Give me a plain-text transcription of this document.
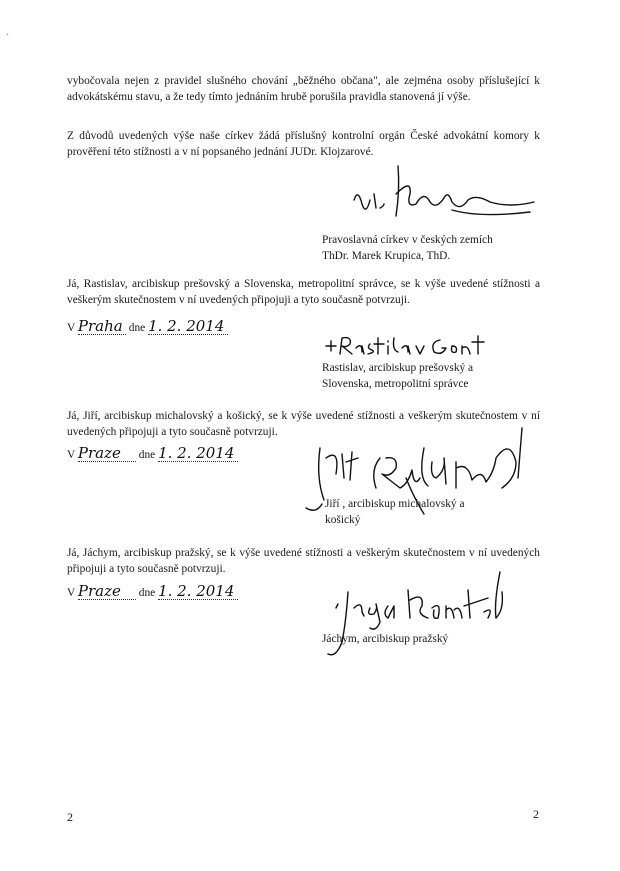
·
vybočovala nejen z pravidel slušného chování „běžného občana", ale zejména osoby příslušející k advokátskému stavu, a že tedy tímto jednáním hrubě porušila pravidla stanovená jí výše.
Z důvodů uvedených výše naše církev žádá příslušný kontrolní orgán České advokátní komory k prověření této stížnosti a v ní popsaného jednání JUDr. Klojzarové.
Pravoslavná církev v českých zemích
ThDr. Marek Krupica, ThD.
Já, Rastislav, arcibiskup prešovský a Slovenska, metropolitní správce, se k výše uvedené stížnosti a veškerým skutečnostem v ní uvedených připojuji a tyto současně potvrzuji.
V Praha dne 1. 2. 2014
Rastislav, arcibiskup prešovský a
Slovenska, metropolitní správce
Já, Jiří, arcibiskup michalovský a košický, se k výše uvedené stížnosti a veškerým skutečnostem v ní uvedených připojuji a tyto současně potvrzuji.
V Praze dne 1. 2. 2014
Jiří , arcibiskup michalovský a
košický
Já, Jáchym, arcibiskup pražský, se k výše uvedené stížnosti a veškerým skutečnostem v ní uvedených připojuji a tyto současně potvrzuji.
V Praze dne 1. 2. 2014
Jáchym, arcibiskup pražský
2	2
